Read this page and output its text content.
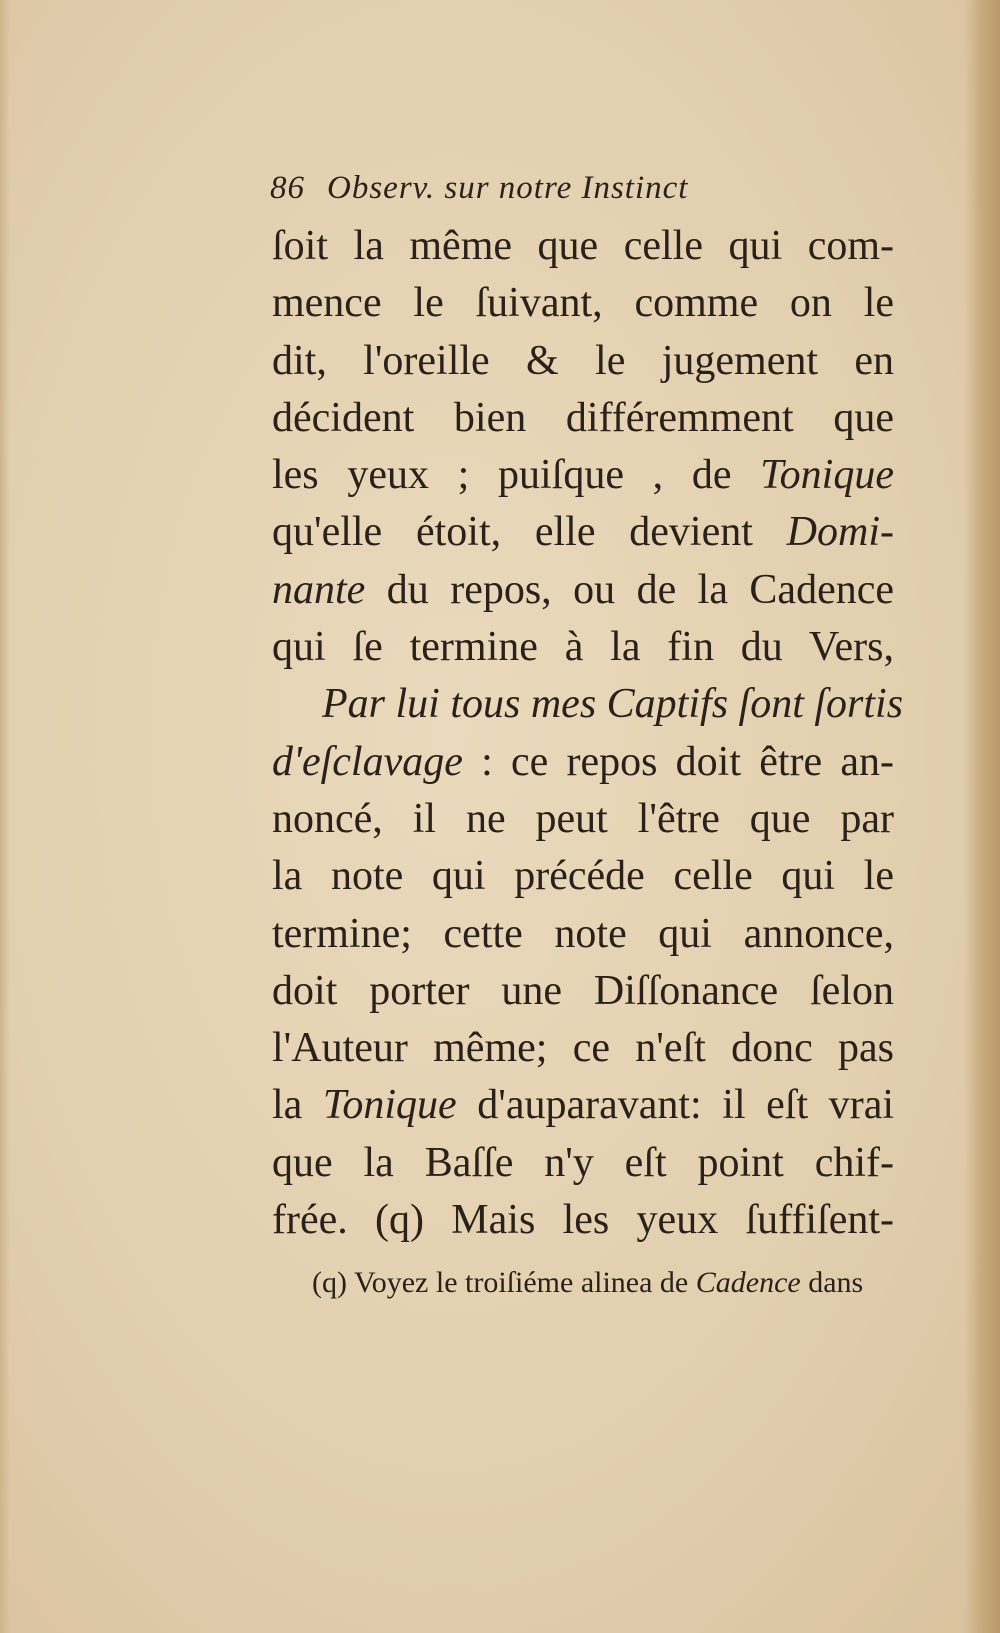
86 Observ. sur notre Instinct
ſoit la même que celle qui com-
mence le ſuivant, comme on le
dit, l'oreille & le jugement en
décident bien différemment que
les yeux ; puiſque , de Tonique
qu'elle étoit, elle devient Domi-
nante du repos, ou de la Cadence
qui ſe termine à la fin du Vers,
Par lui tous mes Captifs ſont ſortis
d'eſclavage : ce repos doit être an-
noncé, il ne peut l'être que par
la note qui précéde celle qui le
termine; cette note qui annonce,
doit porter une Diſſonance ſelon
l'Auteur même; ce n'eſt donc pas
la Tonique d'auparavant: il eſt vrai
que la Baſſe n'y eſt point chif-
frée. (q) Mais les yeux ſuffiſent-
(q) Voyez le troiſiéme alinea de Cadence dans
